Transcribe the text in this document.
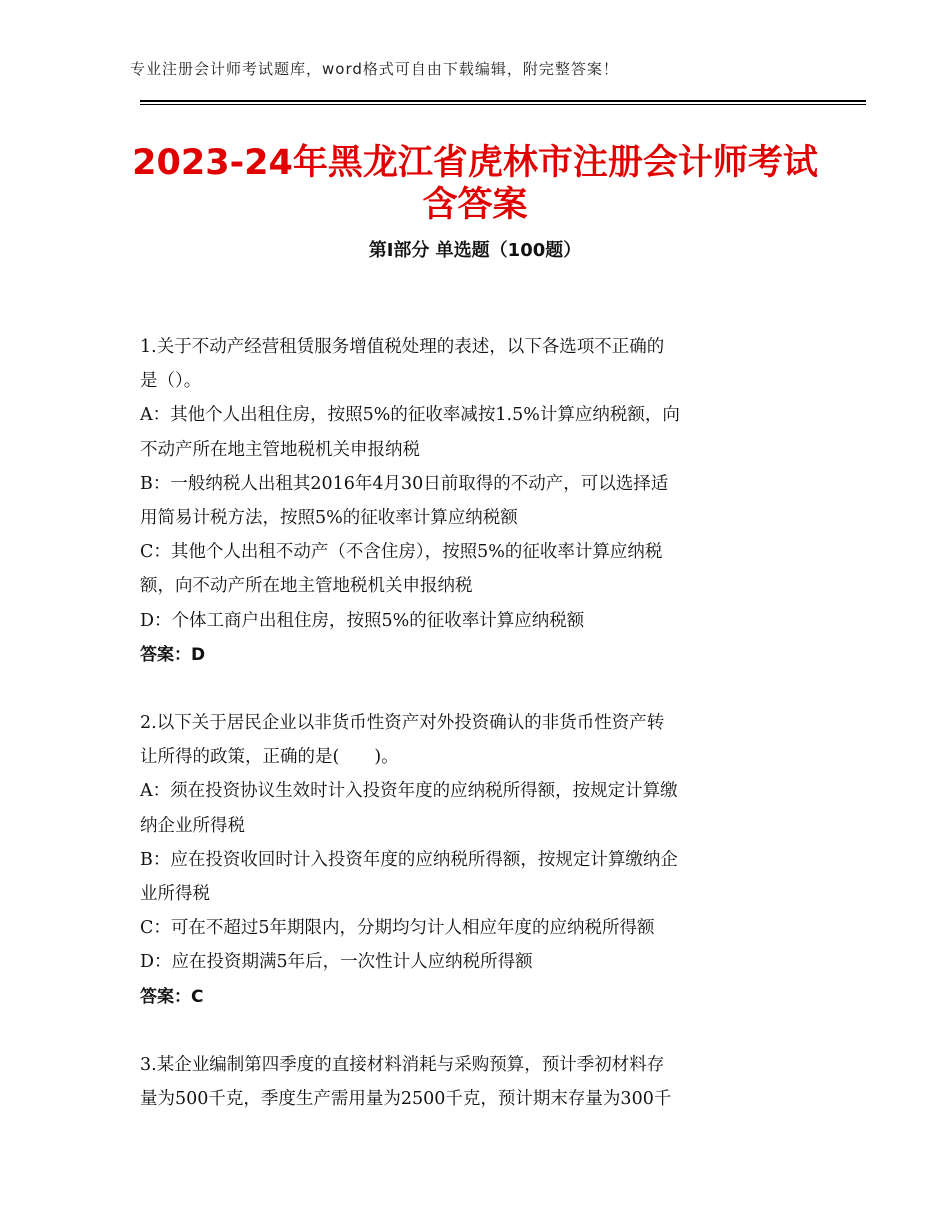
专业注册会计师考试题库，word格式可自由下载编辑，附完整答案！
2023-24年黑龙江省虎林市注册会计师考试
含答案
第Ⅰ部分 单选题（100题）
1.关于不动产经营租赁服务增值税处理的表述，以下各选项不正确的
是（）。
A：其他个人出租住房，按照5%的征收率减按1.5%计算应纳税额，向
不动产所在地主管地税机关申报纳税
B：一般纳税人出租其2016年4月30日前取得的不动产，可以选择适
用简易计税方法，按照5%的征收率计算应纳税额
C：其他个人出租不动产（不含住房），按照5%的征收率计算应纳税
额，向不动产所在地主管地税机关申报纳税
D：个体工商户出租住房，按照5%的征收率计算应纳税额
答案：D
2.以下关于居民企业以非货币性资产对外投资确认的非货币性资产转
让所得的政策，正确的是(　　)。
A：须在投资协议生效时计入投资年度的应纳税所得额，按规定计算缴
纳企业所得税
B：应在投资收回时计入投资年度的应纳税所得额，按规定计算缴纳企
业所得税
C：可在不超过5年期限内，分期均匀计人相应年度的应纳税所得额
D：应在投资期满5年后，一次性计人应纳税所得额
答案：C
3.某企业编制第四季度的直接材料消耗与采购预算，预计季初材料存
量为500千克，季度生产需用量为2500千克，预计期末存量为300千
